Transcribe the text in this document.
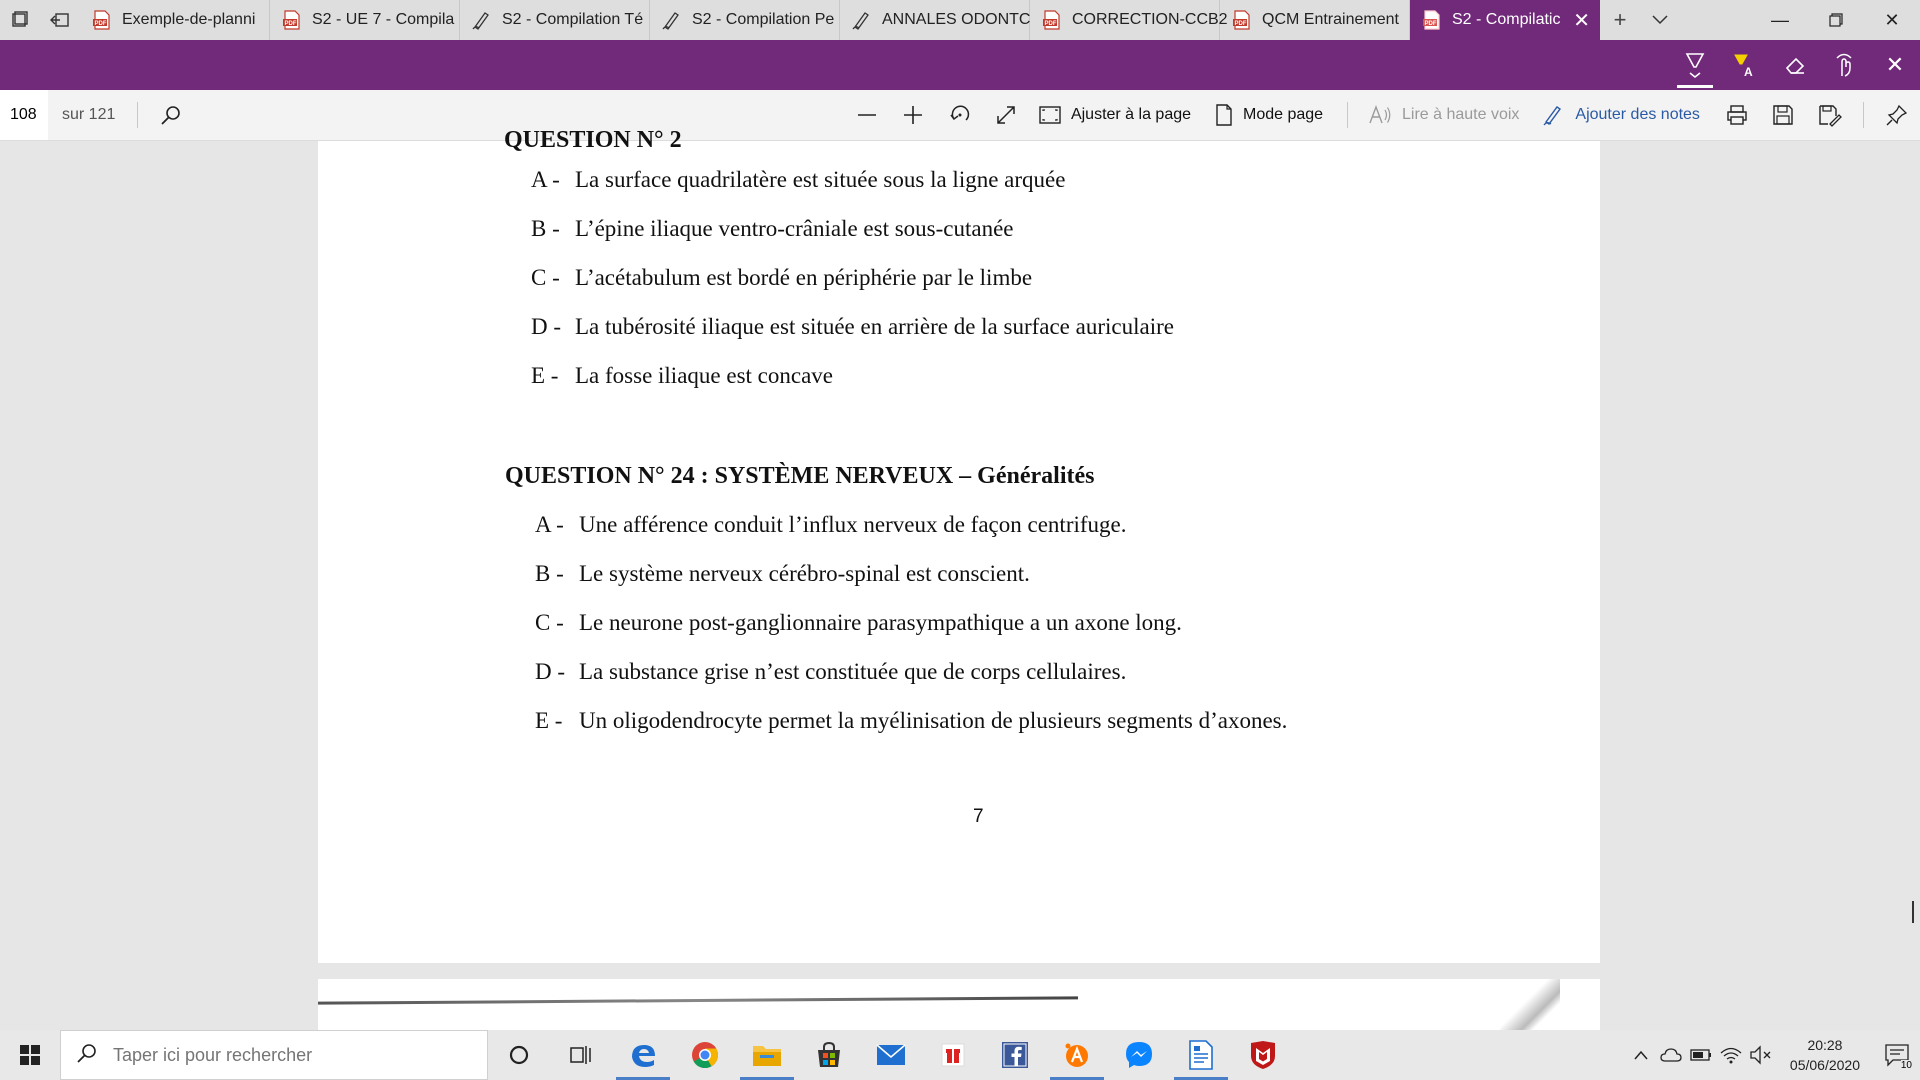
PDF Exemple-de-planni	PDF S2 - UE 7 - Compila	S2 - Compilation Té	S2 - Compilation Pe	ANNALES ODONTC PDF CORRECTION-CCB2 PDF QCM Entrainement	PDF S2 - Compilatic ✕	+	—	✕
A	✕
108
sur 121	Ajuster à la page	Mode page	Lire à haute voix	Ajouter des notes
QUESTION N° 2
A - La surface quadrilatère est située sous la ligne arquée
B - L’épine iliaque ventro-crâniale est sous-cutanée
C - L’acétabulum est bordé en périphérie par le limbe
D - La tubérosité iliaque est située en arrière de la surface auriculaire
E - La fosse iliaque est concave
QUESTION N° 24 : SYSTÈME NERVEUX – Généralités
A - Une afférence conduit l’influx nerveux de façon centrifuge.
B - Le système nerveux cérébro-spinal est conscient.
C - Le neurone post-ganglionnaire parasympathique a un axone long.
D - La substance grise n’est constituée que de corps cellulaires.
E - Un oligodendrocyte permet la myélinisation de plusieurs segments d’axones.
7
Taper ici pour rechercher
20:28
05/06/2020	10
